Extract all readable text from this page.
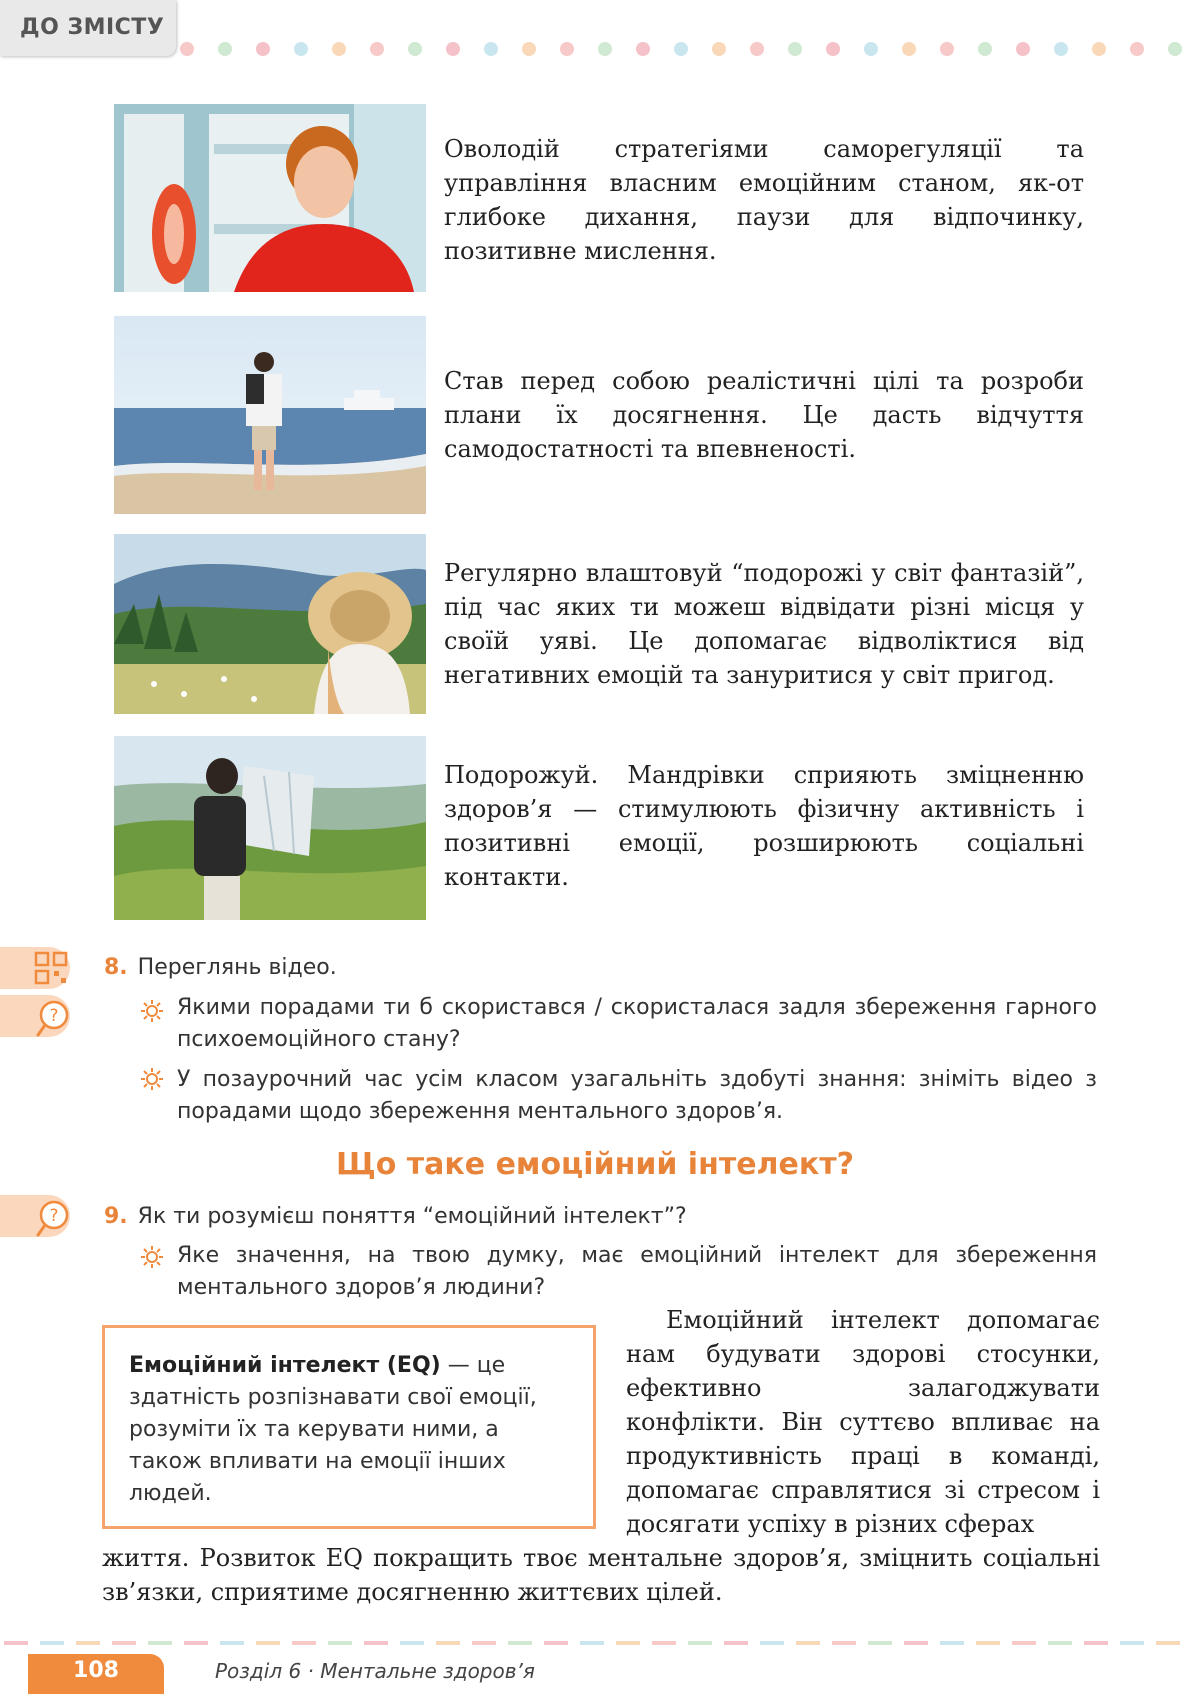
ДО ЗМІСТУ
Оволодій стратегіями саморегуляції та управління власним емоційним станом, як-от глибоке дихання, паузи для відпочинку, позитивне мислення.
Став перед собою реалістичні цілі та розроби плани їх досягнення. Це дасть відчуття самодостатності та впевненості.
Регулярно влаштовуй “подорожі у світ фантазій”, під час яких ти можеш відвідати різні місця у своїй уяві. Це допомагає відволіктися від негативних емоцій та зануритися у світ пригод.
Подорожуй. Мандрівки сприяють зміцненню здоров’я — стимулюють фізичну активність і позитивні емоції, розширюють соціальні контакти.
?
8. Переглянь відео.
Якими порадами ти б скористався / скористалася задля збереження гарного психоемоційного стану?
У позаурочний час усім класом узагальніть здобуті знання: зніміть відео з порадами щодо збереження ментального здоров’я.
Що таке емоційний інтелект?
? 9. Як ти розумієш поняття “емоційний інтелект”?
Яке значення, на твою думку, має емоційний інтелект для збереження ментального здоров’я людини?
Емоційний інтелект (EQ) — це здатність розпізнавати свої емоції, розуміти їх та керувати ними, а також впливати на емоції інших людей.
Емоційний інтелект допомагає нам будувати здорові стосунки, ефективно залагоджувати конфлікти. Він суттєво впливає на продуктивність праці в команді, допомагає справлятися зі стресом і досягати успіху в різних сферах
життя. Розвиток EQ покращить твоє ментальне здоров’я, зміцнить соціальні зв’язки, сприятиме досягненню життєвих цілей.
108	Розділ 6 · Ментальне здоров’я
